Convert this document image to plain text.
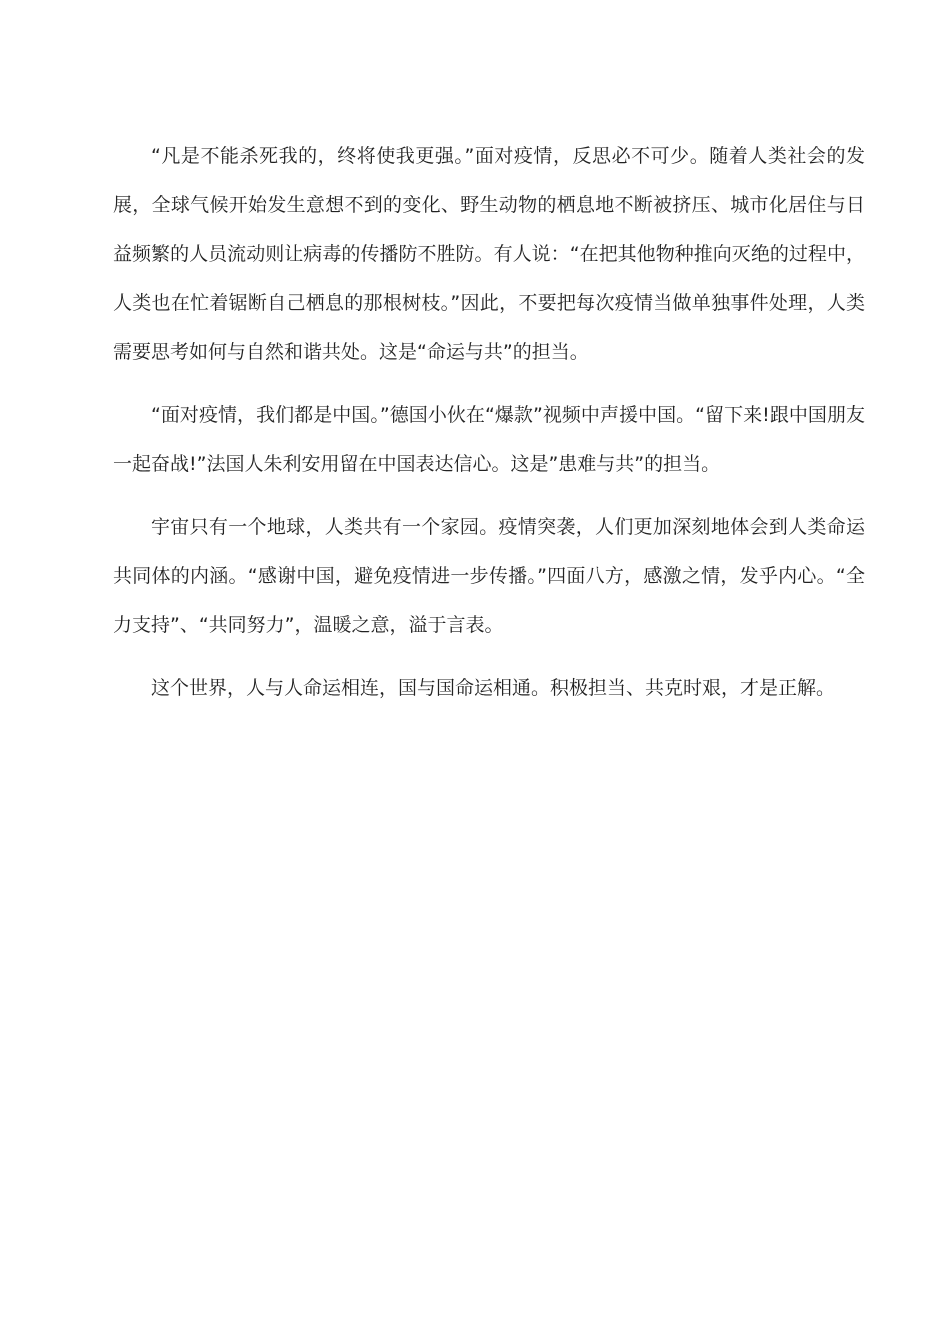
“凡是不能杀死我的，终将使我更强。”面对疫情，反思必不可少。随着人类社会的发展，全球气候开始发生意想不到的变化、野生动物的栖息地不断被挤压、城市化居住与日益频繁的人员流动则让病毒的传播防不胜防。有人说：“在把其他物种推向灭绝的过程中，人类也在忙着锯断自己栖息的那根树枝。”因此，不要把每次疫情当做单独事件处理，人类需要思考如何与自然和谐共处。这是“命运与共”的担当。

“面对疫情，我们都是中国。”德国小伙在“爆款”视频中声援中国。“留下来!跟中国朋友一起奋战!”法国人朱利安用留在中国表达信心。这是”患难与共”的担当。

宇宙只有一个地球，人类共有一个家园。疫情突袭，人们更加深刻地体会到人类命运共同体的内涵。“感谢中国，避免疫情进一步传播。”四面八方，感激之情，发乎内心。“全力支持”、“共同努力”，温暖之意，溢于言表。

这个世界，人与人命运相连，国与国命运相通。积极担当、共克时艰，才是正解。
